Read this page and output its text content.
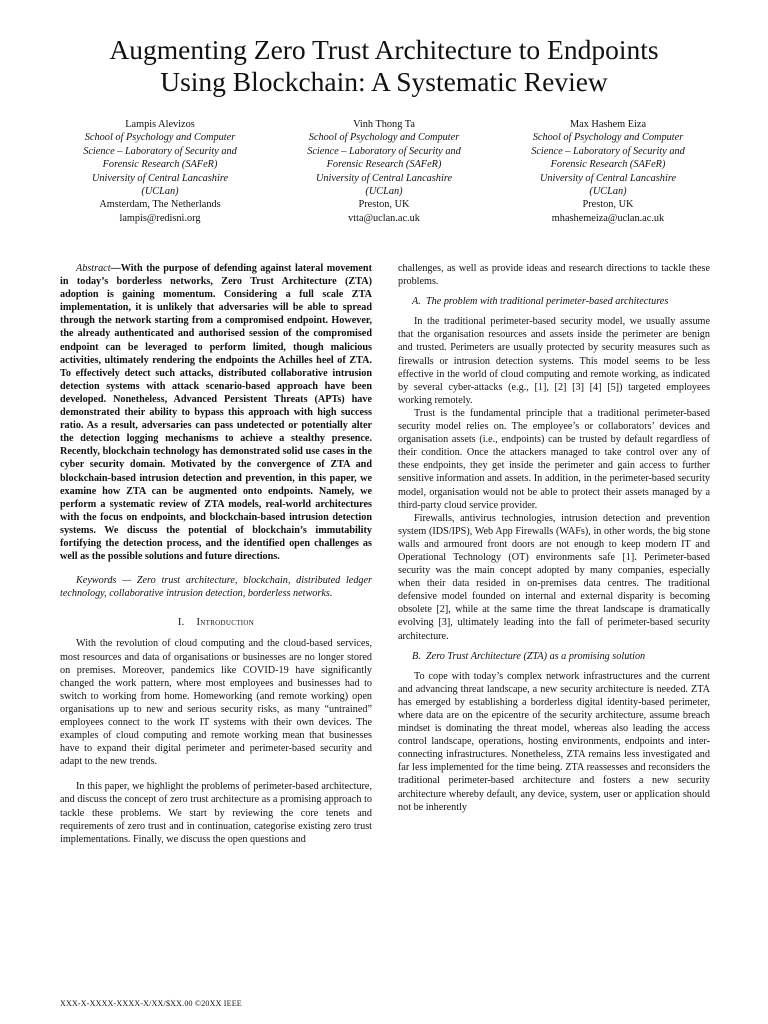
Augmenting Zero Trust Architecture to Endpoints
Using Blockchain: A Systematic Review
Lampis Alevizos
School of Psychology and Computer
Science – Laboratory of Security and
Forensic Research (SAFeR)
University of Central Lancashire
(UCLan)
Amsterdam, The Netherlands
lampis@redisni.org
Vinh Thong Ta
School of Psychology and Computer
Science – Laboratory of Security and
Forensic Research (SAFeR)
University of Central Lancashire
(UCLan)
Preston, UK
vtta@uclan.ac.uk
Max Hashem Eiza
School of Psychology and Computer
Science – Laboratory of Security and
Forensic Research (SAFeR)
University of Central Lancashire
(UCLan)
Preston, UK
mhashemeiza@uclan.ac.uk

Abstract—With the purpose of defending against lateral movement in today’s borderless networks, Zero Trust Architecture (ZTA) adoption is gaining momentum. Considering a full scale ZTA implementation, it is unlikely that adversaries will be able to spread through the network starting from a compromised endpoint. However, the already authenticated and authorised session of the compromised endpoint can be leveraged to perform limited, though malicious activities, ultimately rendering the endpoints the Achilles heel of ZTA. To effectively detect such attacks, distributed collaborative intrusion detection systems with attack scenario-based approach have been developed. Nonetheless, Advanced Persistent Threats (APTs) have demonstrated their ability to bypass this approach with high success ratio. As a result, adversaries can pass undetected or potentially alter the detection logging mechanisms to achieve a stealthy presence. Recently, blockchain technology has demonstrated solid use cases in the cyber security domain. Motivated by the convergence of ZTA and blockchain-based intrusion detection and prevention, in this paper, we examine how ZTA can be augmented onto endpoints. Namely, we perform a systematic review of ZTA models, real-world architectures with the focus on endpoints, and blockchain-based intrusion detection systems. We discuss the potential of blockchain’s immutability fortifying the detection process, and the identified open challenges as well as the possible solutions and future directions.

Keywords — Zero trust architecture, blockchain, distributed ledger technology, collaborative intrusion detection, borderless networks.

I. Introduction

With the revolution of cloud computing and the cloud-based services, most resources and data of organisations or businesses are no longer stored on premises. Moreover, pandemics like COVID-19 have significantly changed the work pattern, where most employees and businesses had to switch to working from home. Homeworking (and remote working) open organisations up to new and serious security risks, as many “untrained” employees connect to the work IT systems with their own devices. The examples of cloud computing and remote working mean that businesses have to expand their digital perimeter and perimeter-based security and adapt to the new trends.

In this paper, we highlight the problems of perimeter-based architecture, and discuss the concept of zero trust architecture as a promising approach to tackle these problems. We start by reviewing the core tenets and requirements of zero trust and in continuation, categorise existing zero trust implementations. Finally, we discuss the open questions and

challenges, as well as provide ideas and research directions to tackle these problems.

A. The problem with traditional perimeter-based architectures

In the traditional perimeter-based security model, we usually assume that the organisation resources and assets inside the perimeter are benign and trusted. Perimeters are usually protected by security measures such as firewalls or intrusion detection systems. This model seems to be less effective in the world of cloud computing and remote working, as indicated by several cyber-attacks (e.g., [1], [2] [3] [4] [5]) targeted employees working remotely.

Trust is the fundamental principle that a traditional perimeter-based security model relies on. The employee’s or collaborators’ devices and organisation assets (i.e., endpoints) can be trusted by default regardless of their condition. Once the attackers managed to take control over any of these endpoints, they get inside the perimeter and gain access to further sensitive information and assets. In addition, in the perimeter-based security model, organisation would not be able to protect their assets managed by a third-party cloud service provider.

Firewalls, antivirus technologies, intrusion detection and prevention system (IDS/IPS), Web App Firewalls (WAFs), in other words, the big stone walls and armoured front doors are not enough to keep modern IT and Operational Technology (OT) environments safe [1]. Perimeter-based security was the main concept adopted by many companies, especially when their data resided in on-premises data centres. The traditional defensive model founded on internal and external disparity is becoming obsolete [2], while at the same time the threat landscape is dramatically evolving [3], ultimately leading into the fall of perimeter-based security architecture.

B. Zero Trust Architecture (ZTA) as a promising solution

To cope with today’s complex network infrastructures and the current and advancing threat landscape, a new security architecture is needed. ZTA has emerged by establishing a borderless digital identity-based perimeter, where data are on the epicentre of the security architecture, assume breach mindset is dominating the threat model, whereas also leading the access control landscape, operations, hosting environments, endpoints and inter-connecting infrastructures. Nonetheless, ZTA remains less investigated and far less implemented for the time being. ZTA reassesses and reconsiders the traditional perimeter-based architecture and fosters a new security architecture whereby default, any device, system, user or application should not be inherently

XXX-X-XXXX-XXXX-X/XX/$XX.00 ©20XX IEEE
